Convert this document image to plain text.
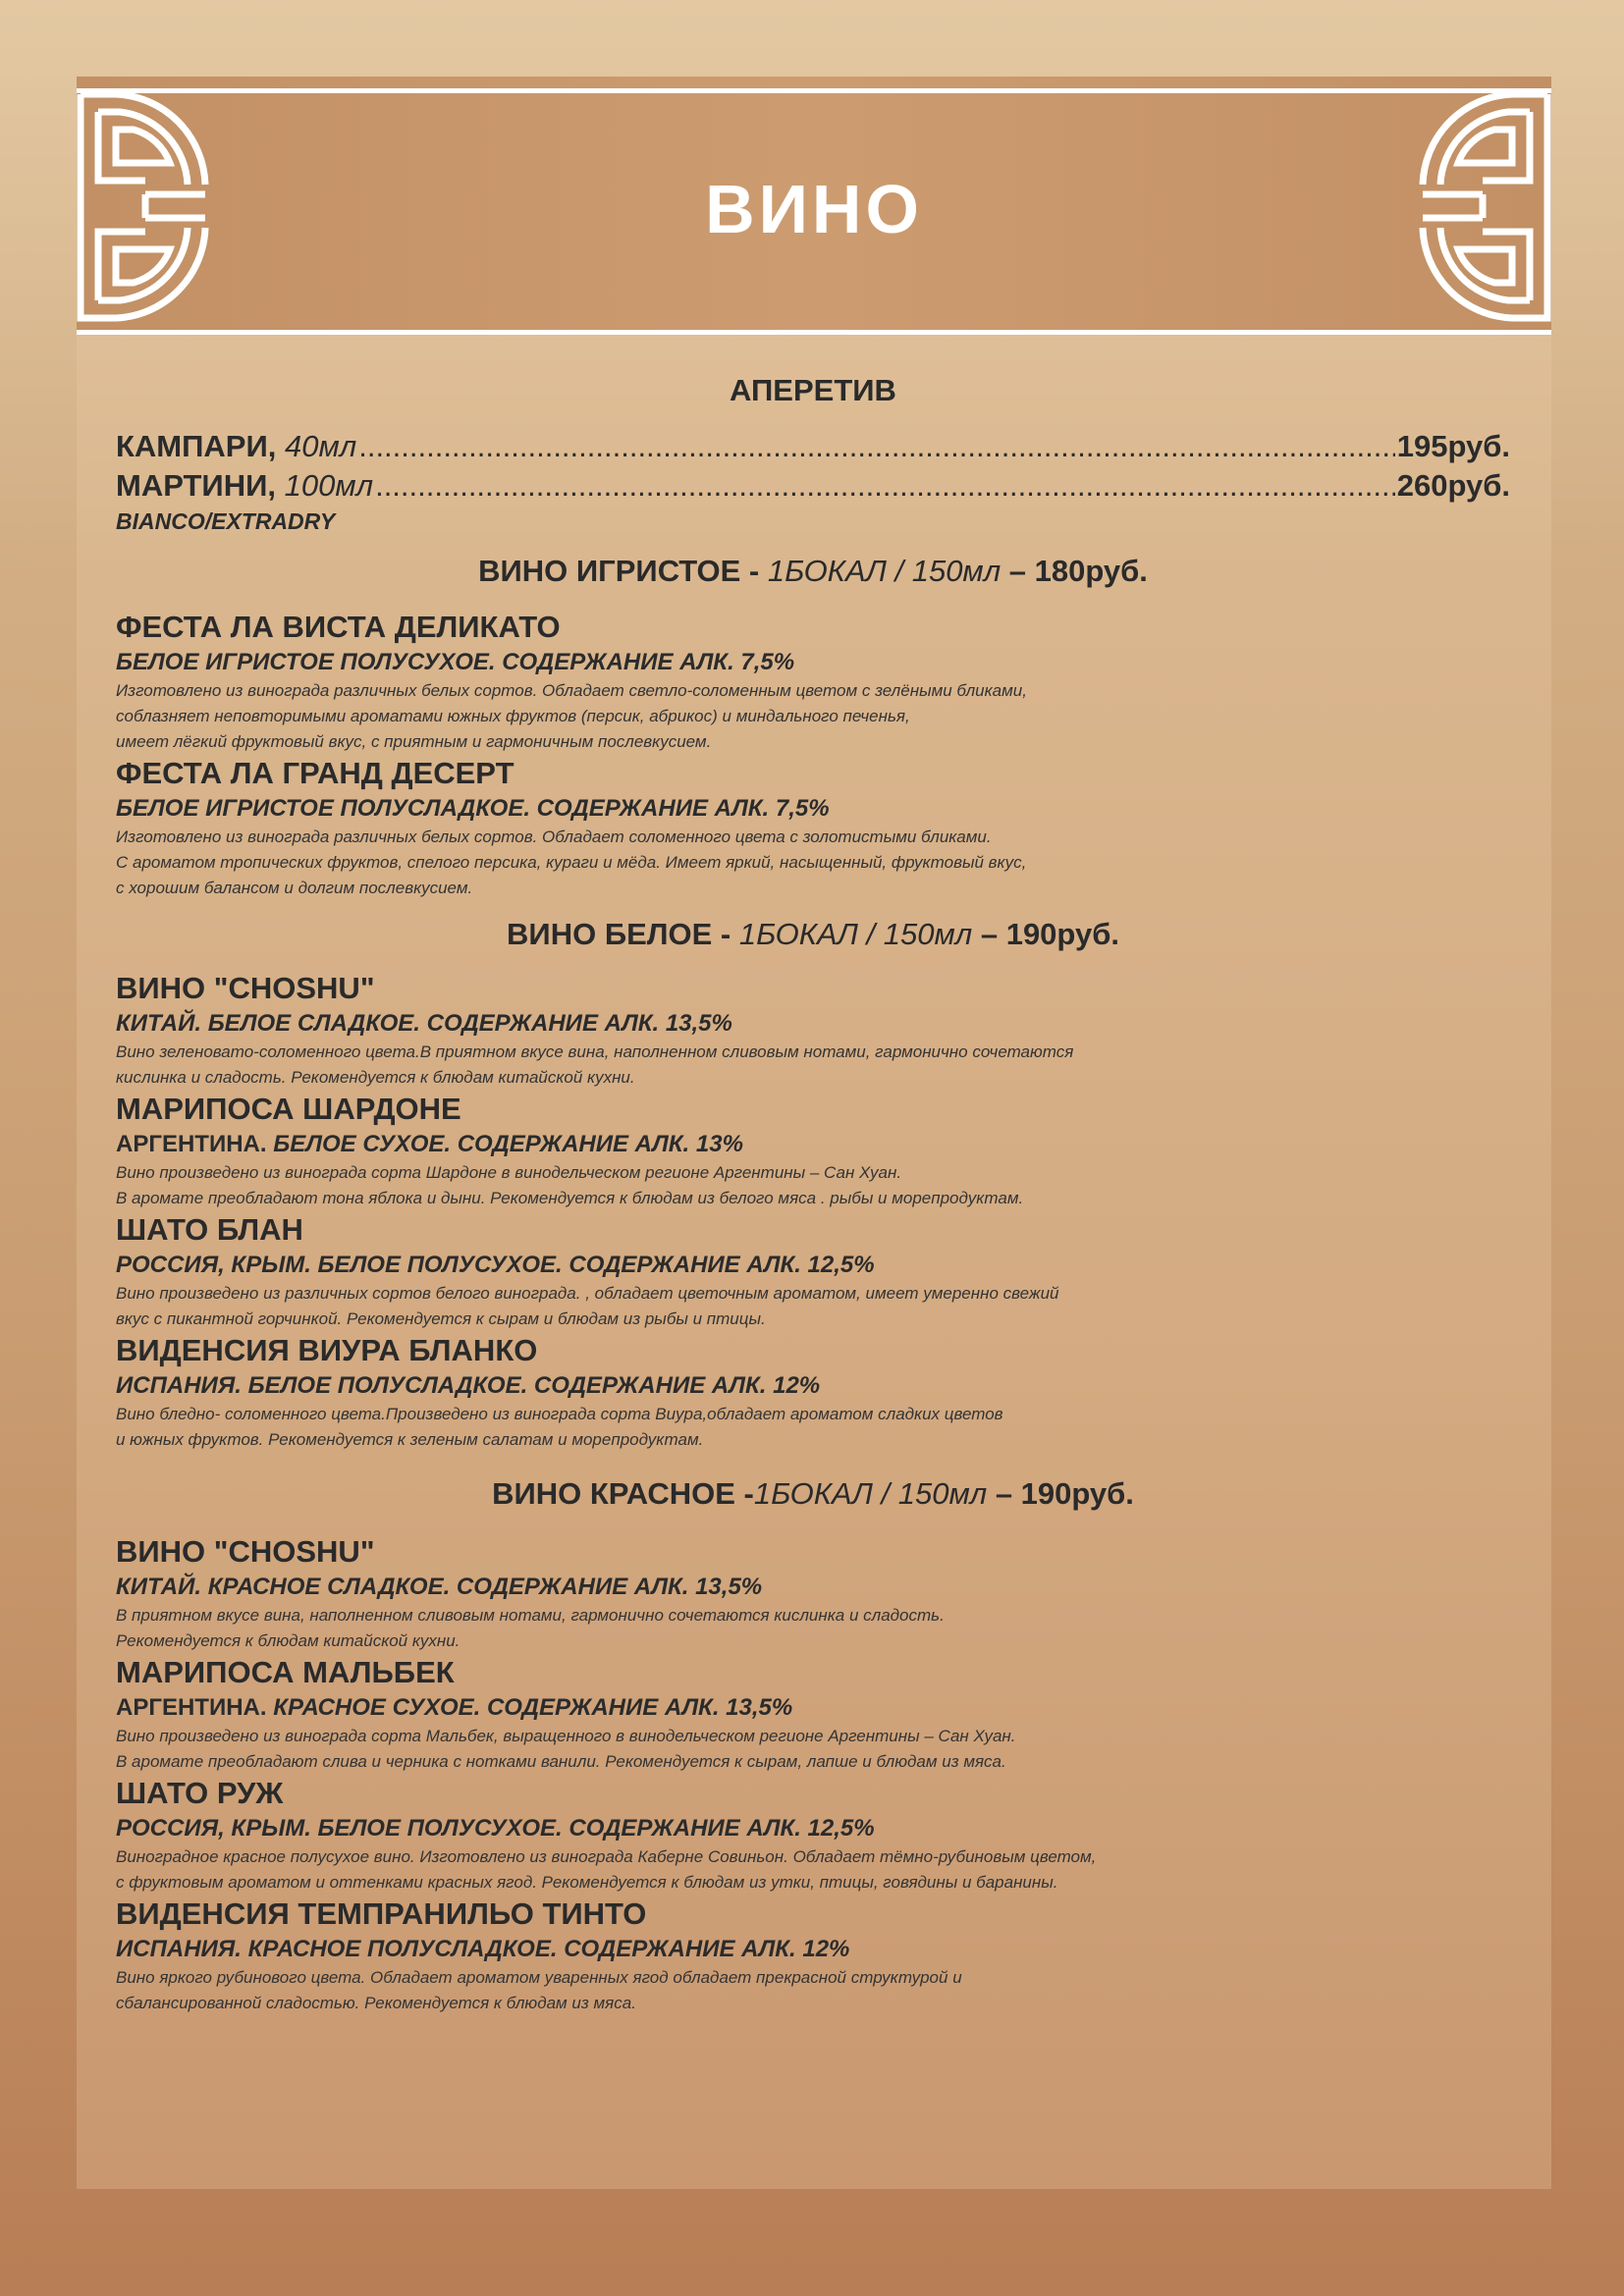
ВИНО
АПЕРЕТИВ
КАМПАРИ,
40мл .....	195руб.
МАРТИНИ,
100мл .....	260руб.
BIANCO/EXTRADRY
ВИНО ИГРИСТОЕ - 1БОКАЛ / 150мл – 180руб.
ФЕСТА ЛА ВИСТА ДЕЛИКАТО
БЕЛОЕ ИГРИСТОЕ ПОЛУСУХОЕ. СОДЕРЖАНИЕ АЛК. 7,5%

Изготовлено из винограда различных белых сортов. Обладает светло-соломенным цветом с зелёными бликами,

соблазняет неповторимыми ароматами южных фруктов (персик, абрикос) и миндального печенья,

имеет лёгкий фруктовый вкус, с приятным и гармоничным послевкусием.

ФЕСТА ЛА ГРАНД ДЕСЕРТ
БЕЛОЕ ИГРИСТОЕ ПОЛУСЛАДКОЕ. СОДЕРЖАНИЕ АЛК. 7,5%

Изготовлено из винограда различных белых сортов. Обладает соломенного цвета с золотистыми бликами.

С ароматом тропических фруктов, спелого персика, кураги и мёда. Имеет яркий, насыщенный, фруктовый вкус,

с хорошим балансом и долгим послевкусием.

ВИНО БЕЛОЕ - 1БОКАЛ / 150мл – 190руб.
ВИНО "CHOSHU"
КИТАЙ. БЕЛОЕ СЛАДКОЕ. СОДЕРЖАНИЕ АЛК. 13,5%

Вино зеленовато-соломенного цвета.В приятном вкусе вина, наполненном сливовым нотами, гармонично сочетаются

кислинка и сладость. Рекомендуется к блюдам китайской кухни.

МАРИПОСА ШАРДОНЕ
АРГЕНТИНА. БЕЛОЕ СУХОЕ. СОДЕРЖАНИЕ АЛК. 13%

Вино произведено из винограда сорта Шардоне в винодельческом регионе Аргентины – Сан Хуан.

В аромате преобладают тона яблока и дыни. Рекомендуется к блюдам из белого мяса . рыбы и морепродуктам.

ШАТО БЛАН
РОССИЯ, КРЫМ. БЕЛОЕ ПОЛУСУХОЕ. СОДЕРЖАНИЕ АЛК. 12,5%

Вино произведено из различных сортов белого винограда. , обладает цветочным ароматом, имеет умеренно свежий

вкус с пикантной горчинкой. Рекомендуется к сырам и блюдам из рыбы и птицы.

ВИДЕНСИЯ ВИУРА БЛАНКО
ИСПАНИЯ. БЕЛОЕ ПОЛУСЛАДКОЕ. СОДЕРЖАНИЕ АЛК. 12%

Вино бледно- соломенного цвета.Произведено из винограда сорта Виура,обладает ароматом сладких цветов

и южных фруктов. Рекомендуется к зеленым салатам и морепродуктам.

ВИНО КРАСНОЕ -1БОКАЛ / 150мл – 190руб.
ВИНО "CHOSHU"
КИТАЙ. КРАСНОЕ СЛАДКОЕ. СОДЕРЖАНИЕ АЛК. 13,5%

В приятном вкусе вина, наполненном сливовым нотами, гармонично сочетаются кислинка и сладость.

Рекомендуется к блюдам китайской кухни.

МАРИПОСА МАЛЬБЕК
АРГЕНТИНА. КРАСНОЕ СУХОЕ. СОДЕРЖАНИЕ АЛК. 13,5%

Вино произведено из винограда сорта Мальбек, выращенного в винодельческом регионе Аргентины – Сан Хуан.

В аромате преобладают слива и черника с нотками ванили. Рекомендуется к сырам, лапше и блюдам из мяса.

ШАТО РУЖ
РОССИЯ, КРЫМ. БЕЛОЕ ПОЛУСУХОЕ. СОДЕРЖАНИЕ АЛК. 12,5%

Виноградное красное полусухое вино. Изготовлено из винограда Каберне Совиньон. Обладает тёмно-рубиновым цветом,

с фруктовым ароматом и оттенками красных ягод. Рекомендуется к блюдам из утки, птицы, говядины и баранины.

ВИДЕНСИЯ ТЕМПРАНИЛЬО ТИНТО
ИСПАНИЯ. КРАСНОЕ ПОЛУСЛАДКОЕ. СОДЕРЖАНИЕ АЛК. 12%

Вино яркого рубинового цвета. Обладает ароматом уваренных ягод обладает прекрасной структурой и

сбалансированной сладостью. Рекомендуется к блюдам из мяса.
